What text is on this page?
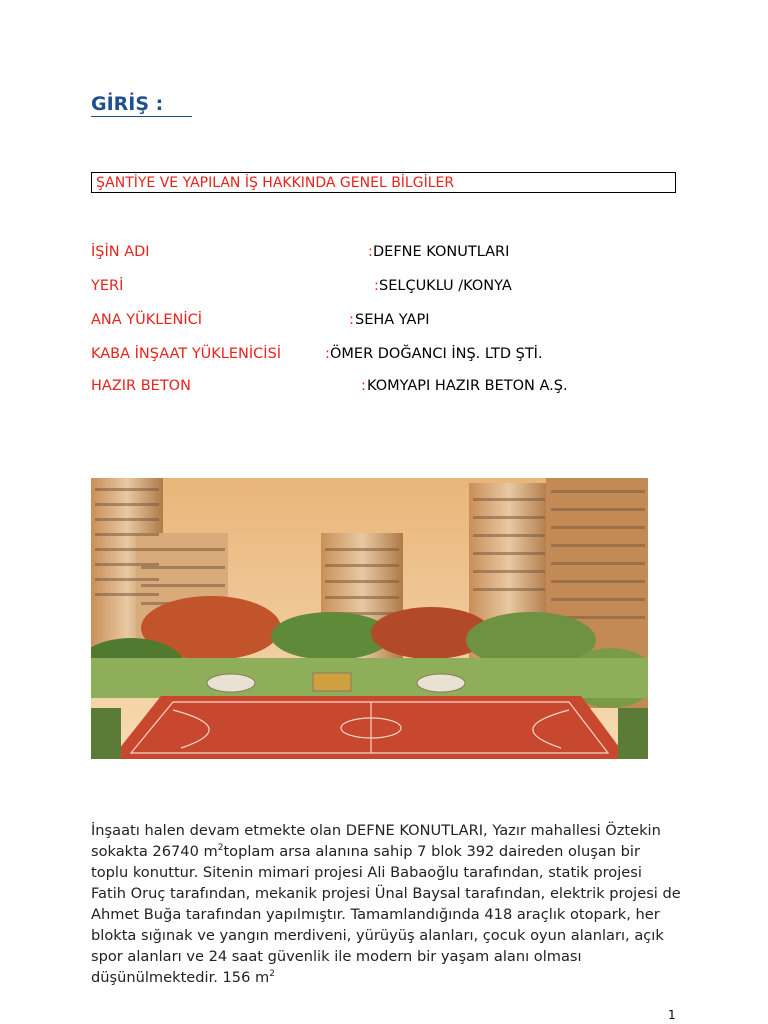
GİRİŞ :
ŞANTİYE VE YAPILAN İŞ HAKKINDA GENEL BİLGİLER
İŞİN ADI	: DEFNE KONUTLARI
YERİ	: SELÇUKLU /KONYA
ANA YÜKLENİCİ	: SEHA YAPI
KABA İNŞAAT YÜKLENİCİSİ	: ÖMER DOĞANCI İNŞ. LTD ŞTİ.
HAZIR BETON	: KOMYAPI HAZIR BETON A.Ş.

İnşaatı halen devam etmekte olan DEFNE KONUTLARI, Yazır mahallesi Öztekin sokakta 26740 $m^2toplam$ arsa alanına sahip 7 blok 392 daireden oluşan bir toplu konuttur. Sitenin mimari projesi Ali Babaoğlu tarafından, statik projesi Fatih Oruç tarafından, mekanik projesi Ünal Baysal tarafından, elektrik projesi de Ahmet Buğa tarafından yapılmıştır. Tamamlandığında 418 araçlık otopark, her blokta sığınak ve yangın merdiveni, yürüyüş alanları, çocuk oyun alanları, açık spor alanları ve 24 saat güvenlik ile modern bir yaşam alanı olması düşünülmektedir. 156 $m^2$

1
